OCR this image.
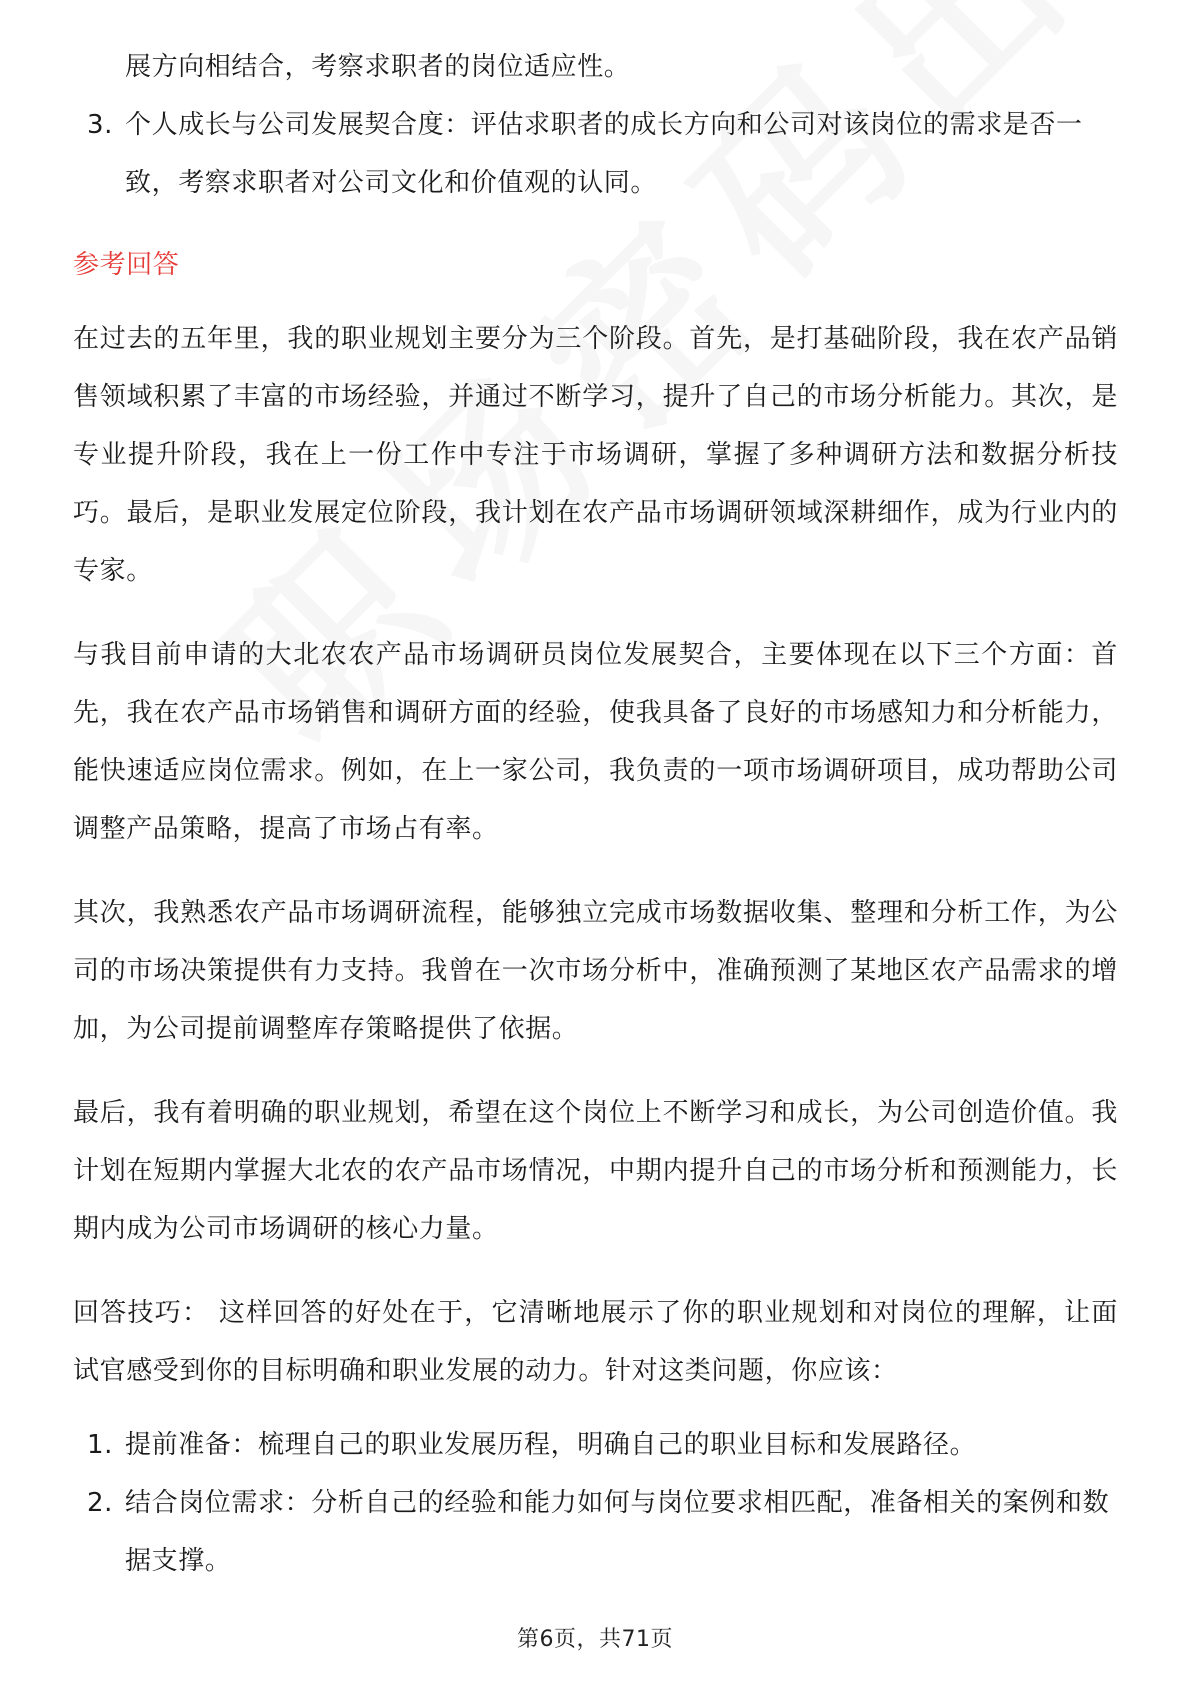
展方向相结合，考察求职者的岗位适应性。
3. 个人成长与公司发展契合度：评估求职者的成长方向和公司对该岗位的需求是否一致，考察求职者对公司文化和价值观的认同。
参考回答

在过去的五年里，我的职业规划主要分为三个阶段。首先，是打基础阶段，我在农产品销售领域积累了丰富的市场经验，并通过不断学习，提升了自己的市场分析能力。其次，是专业提升阶段，我在上一份工作中专注于市场调研，掌握了多种调研方法和数据分析技巧。最后，是职业发展定位阶段，我计划在农产品市场调研领域深耕细作，成为行业内的专家。

与我目前申请的大北农农产品市场调研员岗位发展契合，主要体现在以下三个方面：首先，我在农产品市场销售和调研方面的经验，使我具备了良好的市场感知力和分析能力，能快速适应岗位需求。例如，在上一家公司，我负责的一项市场调研项目，成功帮助公司调整产品策略，提高了市场占有率。

其次，我熟悉农产品市场调研流程，能够独立完成市场数据收集、整理和分析工作，为公司的市场决策提供有力支持。我曾在一次市场分析中，准确预测了某地区农产品需求的增加，为公司提前调整库存策略提供了依据。

最后，我有着明确的职业规划，希望在这个岗位上不断学习和成长，为公司创造价值。我计划在短期内掌握大北农的农产品市场情况，中期内提升自己的市场分析和预测能力，长期内成为公司市场调研的核心力量。

回答技巧： 这样回答的好处在于，它清晰地展示了你的职业规划和对岗位的理解，让面试官感受到你的目标明确和职业发展的动力。针对这类问题，你应该：

1. 提前准备：梳理自己的职业发展历程，明确自己的职业目标和发展路径。
2. 结合岗位需求：分析自己的经验和能力如何与岗位要求相匹配，准备相关的案例和数据支撑。
第6页，共71页
